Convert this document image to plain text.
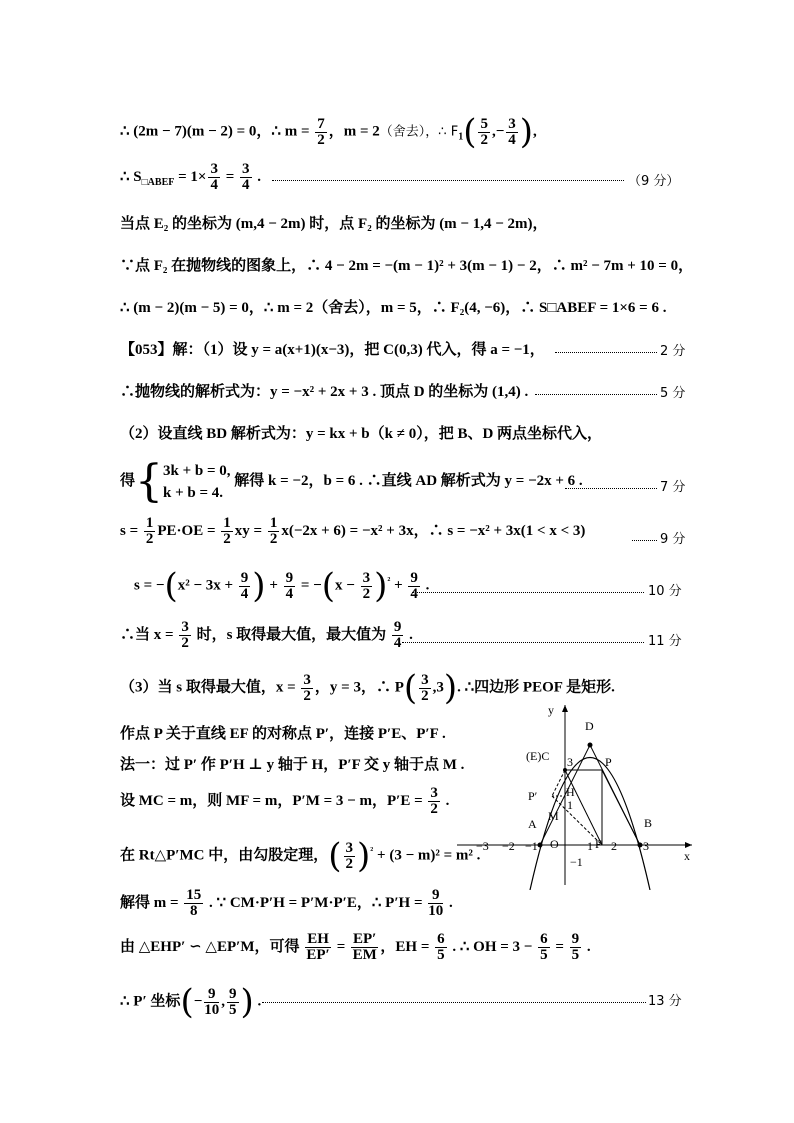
∴ (2m − 7)(m − 2) = 0，∴ $m = \frac{7}{2}$ ，m = 2（舍去），∴ $F_1( \frac{5}{2}$ ,− $\frac{3}{4}$ ),
∴ $S_{□ABEF} = 1\times \frac{3}{4} = \frac{3}{4}$ .	（9 分）
当点 E₂ 的坐标为 (m,4 − 2m) 时，点 F₂ 的坐标为 (m − 1,4 − 2m)，
∵点 F₂ 在抛物线的图象上，∴ 4 − 2m = −(m − 1)² + 3(m − 1) − 2，∴ m² − 7m + 10 = 0，
∴ (m − 2)(m − 5) = 0，∴ m = 2（舍去），m = 5，∴ F₂(4, −6)，∴ S□ABEF = 1×6 = 6 .
【053】解：（1）设 y = a(x+1)(x−3)，把 C(0,3) 代入，得 a = −1，	2 分
∴抛物线的解析式为：y = −x² + 2x + 3 . 顶点 D 的坐标为 (1,4) .	5 分
（2）设直线 BD 解析式为：y = kx + b（k ≠ 0），把 B、D 两点坐标代入，
得{ 3k + b = 0,
k + b = 4.
解得 k = −2，b = 6 . ∴直线 AD 解析式为 y = −2x + 6 .	7 分
$s = \frac{1}{2} PE\cdot OE = \frac{1}{2}$ xy = $\frac{1}{2} x(-2x + 6) = -x^2 + 3x$，∴ s = −x² + 3x(1 < x < 3)
9 分
$s = -(x^2 - 3x + \frac{9}{4}$ ) + $\frac{9}{4} = -(x - \frac{3}{2} )^{^2} + \frac{9}{4}$ .	10 分
∴当 $x = \frac{3}{2}$ 时，s 取得最大值，最大值为 $\frac{9}{4}$ .	11 分
（3）当 s 取得最大值，$x = \frac{3}{2}$ ，y = 3，∴ $P( \frac{3}{2} ,3)$. ∴四边形 PEOF 是矩形.
作点 P 关于直线 EF 的对称点 P′，连接 P′E、P′F .
法一：过 P′ 作 P′H ⊥ y 轴于 H，P′F 交 y 轴于点 M .
设 MC = m，则 MF = m，P′M = 3 − m，$P'E = \frac{3}{2}$ .
在 Rt△P′MC 中，由勾股定理，( $\frac{3}{2} )^{^2} + (3 - m)^2 = m^2$ .
解得 $m = \frac{15}{8}$ . ∵ CM·P′H = P′M·P′E，∴ $P'H = \frac{9}{10}$ .
由 △EHP′ ∽ △EP′M，可得 $\frac{EH}{EP'} = \frac{EP'}{EM}$ ，EH = $\frac{6}{5}$ . ∴ OH = $3 - \frac{6}{5} = \frac{9}{5}$ .
∴ P′ 坐标(− $\frac{9}{10}$ , $\frac{9}{5}$ ) .	13 分
y
x
D
(E)C	P
P′ H
1
M
A
O	F
B
−3 −2 −1	1 2 3
3
−1
